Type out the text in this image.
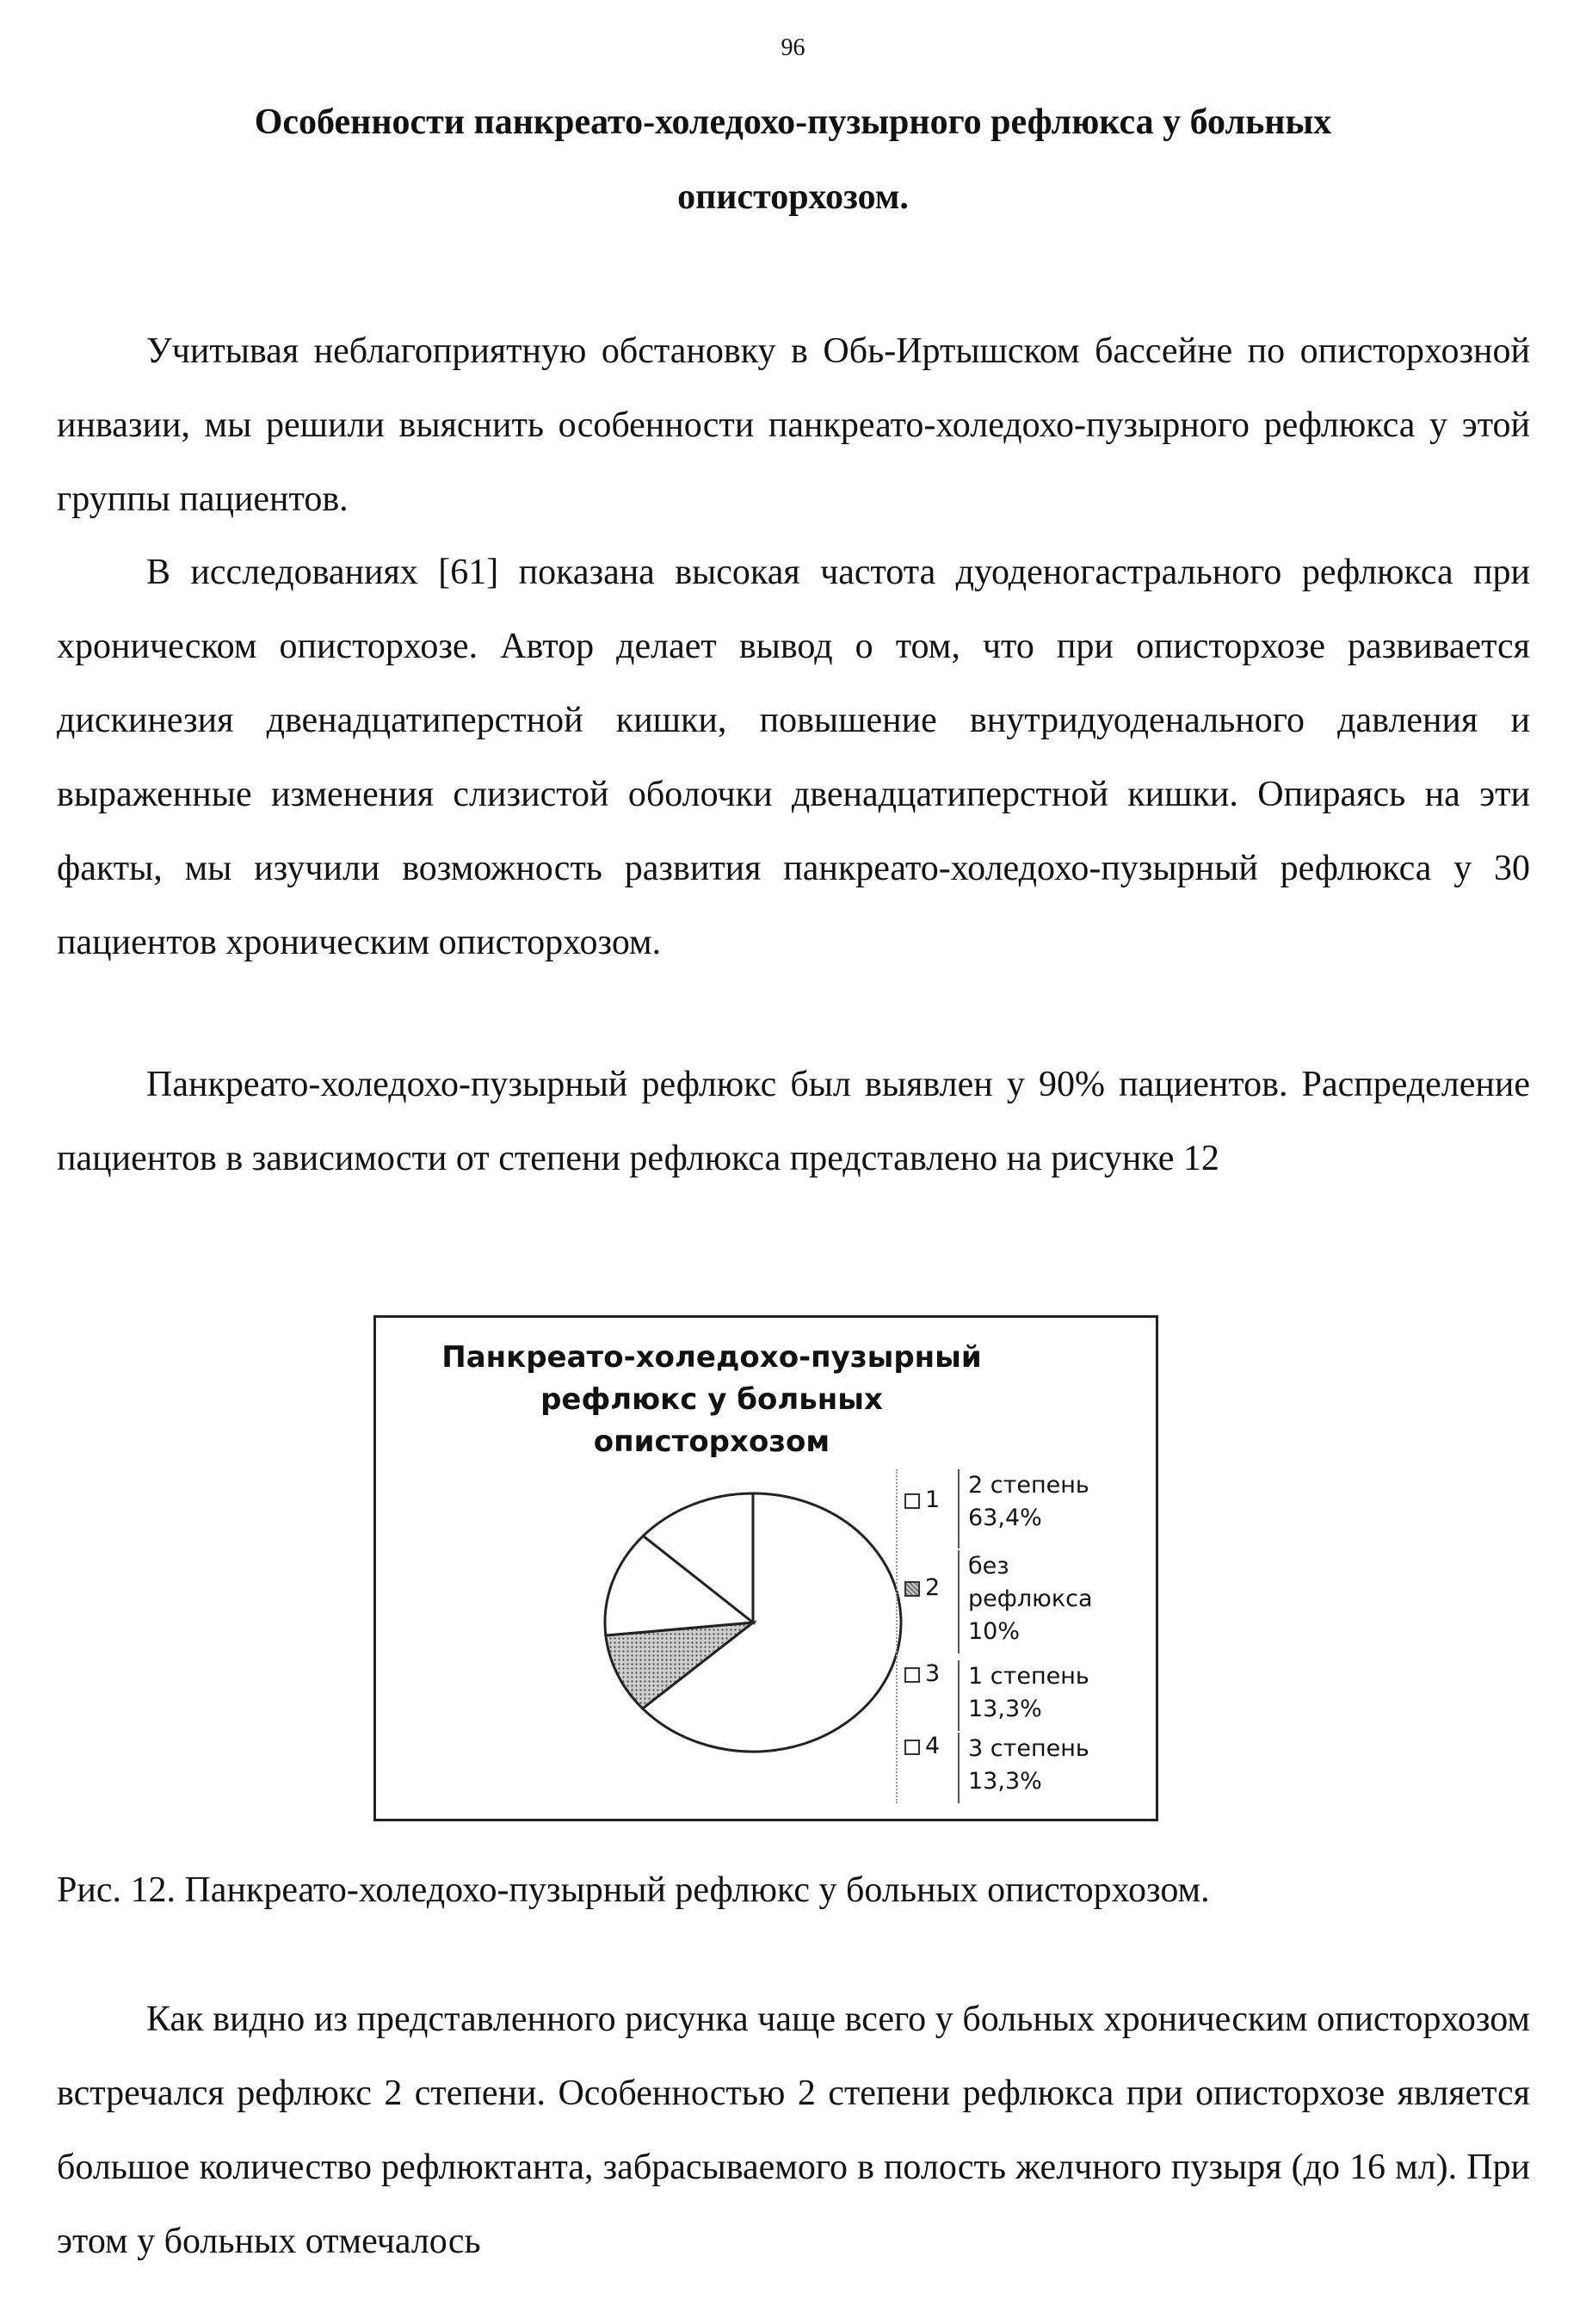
96
Особенности панкреато-холедохо-пузырного рефлюкса у больных
описторхозом.

Учитывая неблагоприятную обстановку в Обь-Иртышском бассейне по описторхозной инвазии, мы решили выяснить особенности панкреато-холедохо-пузырного рефлюкса у этой группы пациентов.

В исследованиях [61] показана высокая частота дуоденогастрального рефлюкса при хроническом описторхозе. Автор делает вывод о том, что при описторхозе развивается дискинезия двенадцатиперстной кишки, повышение внутридуоденального давления и выраженные изменения слизистой оболочки двенадцатиперстной кишки. Опираясь на эти факты, мы изучили возможность развития панкреато-холедохо-пузырный рефлюкса у 30 пациентов хроническим описторхозом.

Панкреато-холедохо-пузырный рефлюкс был выявлен у 90% пациентов. Распределение пациентов в зависимости от степени рефлюкса представлено на рисунке 12

Панкреато-холедохо-пузырный
рефлюкс у больных
описторхозом
1
2 степень
63,4%
2
без
рефлюкса
10%
3 1 степень
13,3%
4 3 степень
13,3%
Рис. 12. Панкреато-холедохо-пузырный рефлюкс у больных описторхозом.

Как видно из представленного рисунка чаще всего у больных хроническим описторхозом встречался рефлюкс 2 степени. Особенностью 2 степени рефлюкса при описторхозе является большое количество рефлюктанта, забрасываемого в полость желчного пузыря (до 16 мл). При этом у больных отмечалось
